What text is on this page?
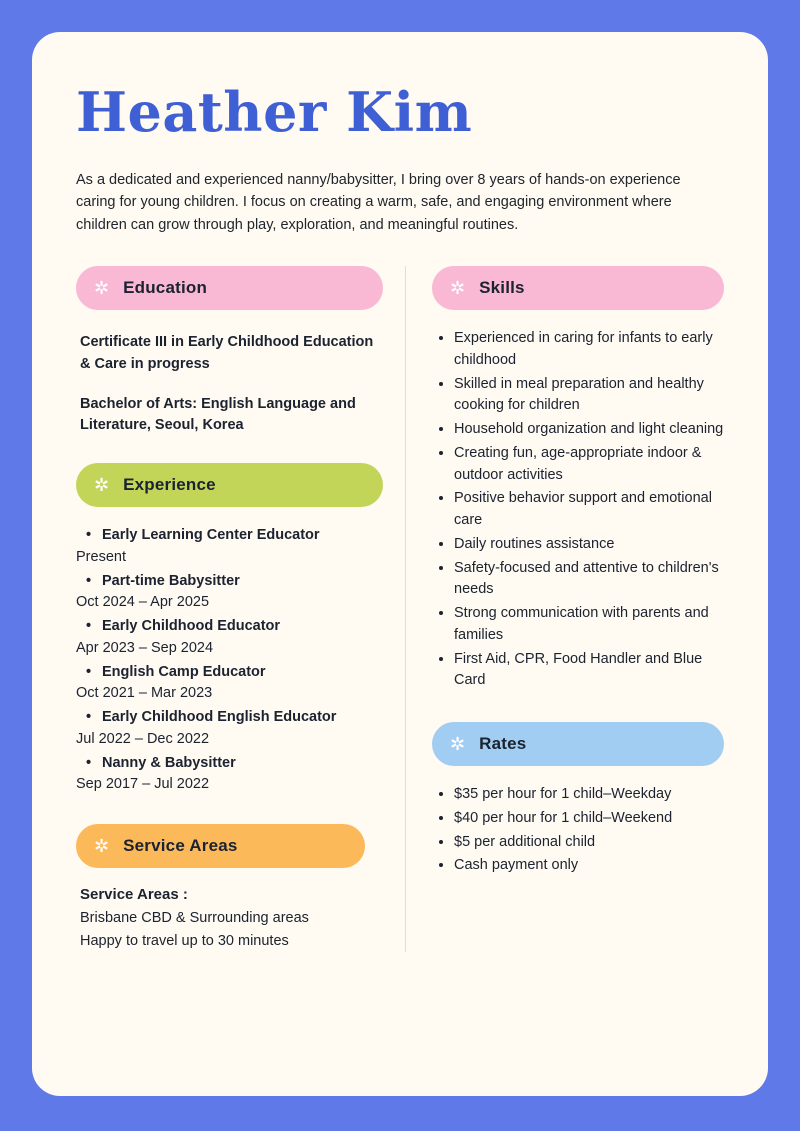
Heather Kim

As a dedicated and experienced nanny/babysitter, I bring over 8 years of hands-on experience caring for young children. I focus on creating a warm, safe, and engaging environment where children can grow through play, exploration, and meaningful routines.

✲ Education

Certificate III in Early Childhood Education & Care in progress

Bachelor of Arts: English Language and Literature, Seoul, Korea

✲ Experience
• Early Learning Center Educator
Present
• Part-time Babysitter
Oct 2024 – Apr 2025
• Early Childhood Educator
Apr 2023 – Sep 2024
• English Camp Educator
Oct 2021 – Mar 2023
• Early Childhood English Educator
Jul 2022 – Dec 2022
• Nanny & Babysitter
Sep 2017 – Jul 2022
✲ Service Areas
Service Areas :
Brisbane CBD & Surrounding areas
Happy to travel up to 30 minutes
✲ Skills
• Experienced in caring for infants to early childhood
• Skilled in meal preparation and healthy cooking for children
• Household organization and light cleaning
• Creating fun, age-appropriate indoor & outdoor activities
• Positive behavior support and emotional care
• Daily routines assistance
• Safety-focused and attentive to children's needs
• Strong communication with parents and families
• First Aid, CPR, Food Handler and Blue Card
✲ Rates
• $35 per hour for 1 child–Weekday
• $40 per hour for 1 child–Weekend
• $5 per additional child
• Cash payment only
